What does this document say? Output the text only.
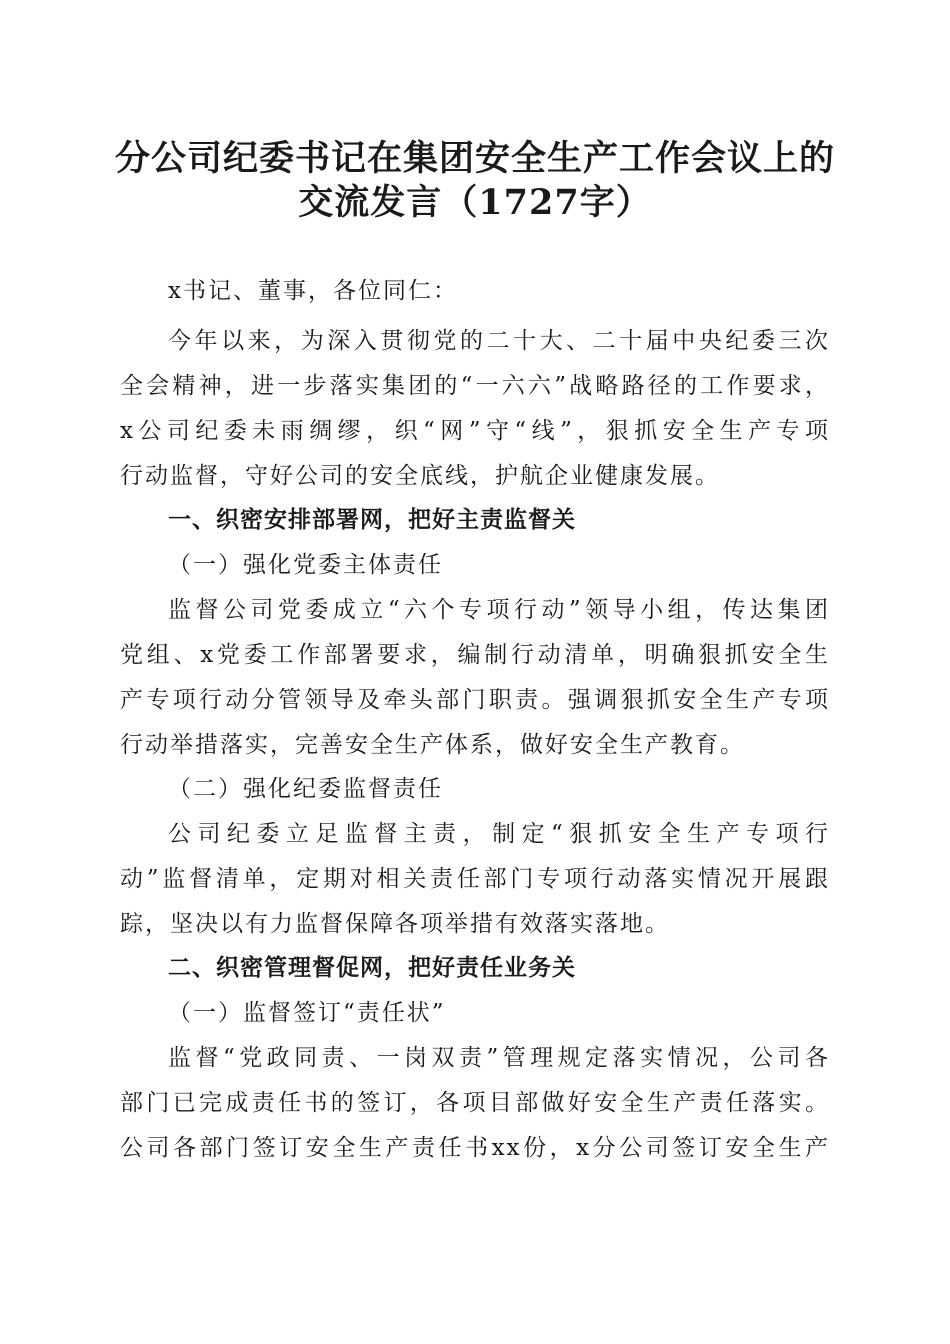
分公司纪委书记在集团安全生产工作会议上的
交流发言（1727字）
x书记、董事，各位同仁：
今年以来，为深入贯彻党的二十大、二十届中央纪委三次
全会精神，进一步落实集团的“一六六”战略路径的工作要求，
x公司纪委未雨绸缪，织“网”守“线”，狠抓安全生产专项
行动监督，守好公司的安全底线，护航企业健康发展。
一、织密安排部署网，把好主责监督关
（一）强化党委主体责任
监督公司党委成立“六个专项行动”领导小组，传达集团
党组、x党委工作部署要求，编制行动清单，明确狠抓安全生
产专项行动分管领导及牵头部门职责。强调狠抓安全生产专项
行动举措落实，完善安全生产体系，做好安全生产教育。
（二）强化纪委监督责任
公司纪委立足监督主责，制定“狠抓安全生产专项行
动”监督清单，定期对相关责任部门专项行动落实情况开展跟
踪，坚决以有力监督保障各项举措有效落实落地。
二、织密管理督促网，把好责任业务关
（一）监督签订“责任状”
监督“党政同责、一岗双责”管理规定落实情况，公司各
部门已完成责任书的签订，各项目部做好安全生产责任落实。
公司各部门签订安全生产责任书xx份，x分公司签订安全生产
